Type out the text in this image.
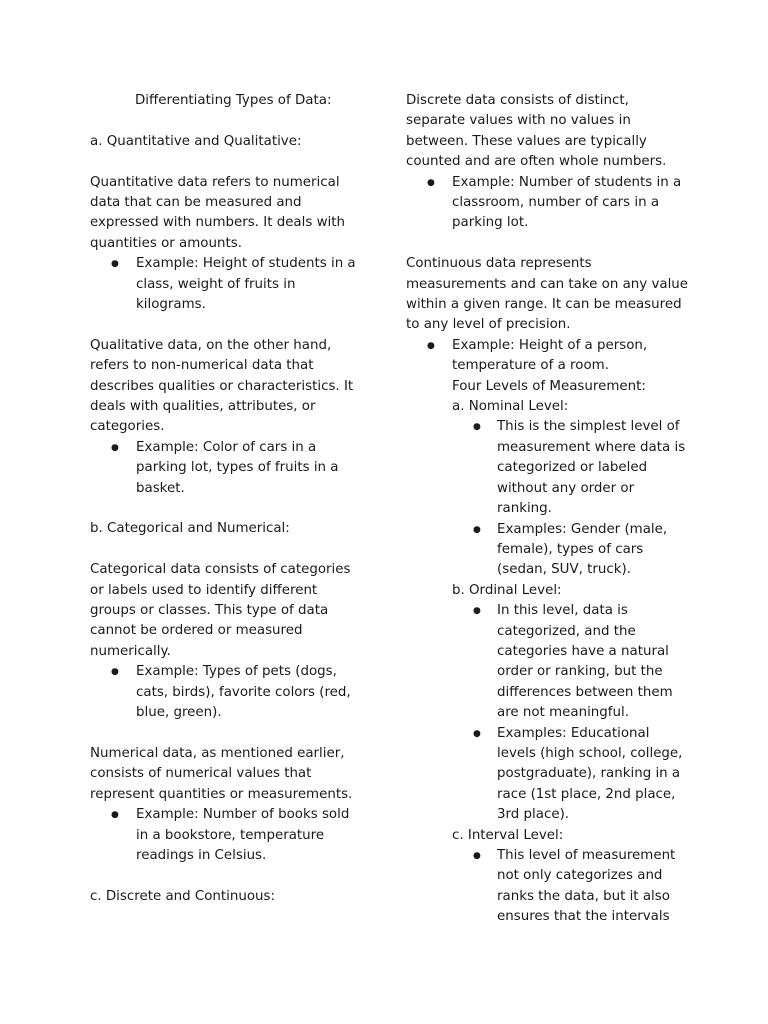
Differentiating Types of Data:

a. Quantitative and Qualitative:

Quantitative data refers to numerical data that can be measured and expressed with numbers. It deals with quantities or amounts.

● Example: Height of students in a class, weight of fruits in kilograms.

Qualitative data, on the other hand, refers to non-numerical data that describes qualities or characteristics. It deals with qualities, attributes, or categories.

● Example: Color of cars in a parking lot, types of fruits in a basket.

b. Categorical and Numerical:

Categorical data consists of categories or labels used to identify different groups or classes. This type of data cannot be ordered or measured numerically.

● Example: Types of pets (dogs, cats, birds), favorite colors (red, blue, green).

Numerical data, as mentioned earlier, consists of numerical values that represent quantities or measurements.

● Example: Number of books sold in a bookstore, temperature readings in Celsius.

c. Discrete and Continuous:

Discrete data consists of distinct, separate values with no values in between. These values are typically counted and are often whole numbers.

● Example: Number of students in a classroom, number of cars in a parking lot.

Continuous data represents measurements and can take on any value within a given range. It can be measured to any level of precision.

● Example: Height of a person, temperature of a room.

Four Levels of Measurement:

a. Nominal Level:

● This is the simplest level of measurement where data is categorized or labeled without any order or ranking.
● Examples: Gender (male, female), types of cars (sedan, SUV, truck).

b. Ordinal Level:

● In this level, data is categorized, and the categories have a natural order or ranking, but the differences between them are not meaningful.
● Examples: Educational levels (high school, college, postgraduate), ranking in a race (1st place, 2nd place, 3rd place).

c. Interval Level:

● This level of measurement not only categorizes and ranks the data, but it also ensures that the intervals
